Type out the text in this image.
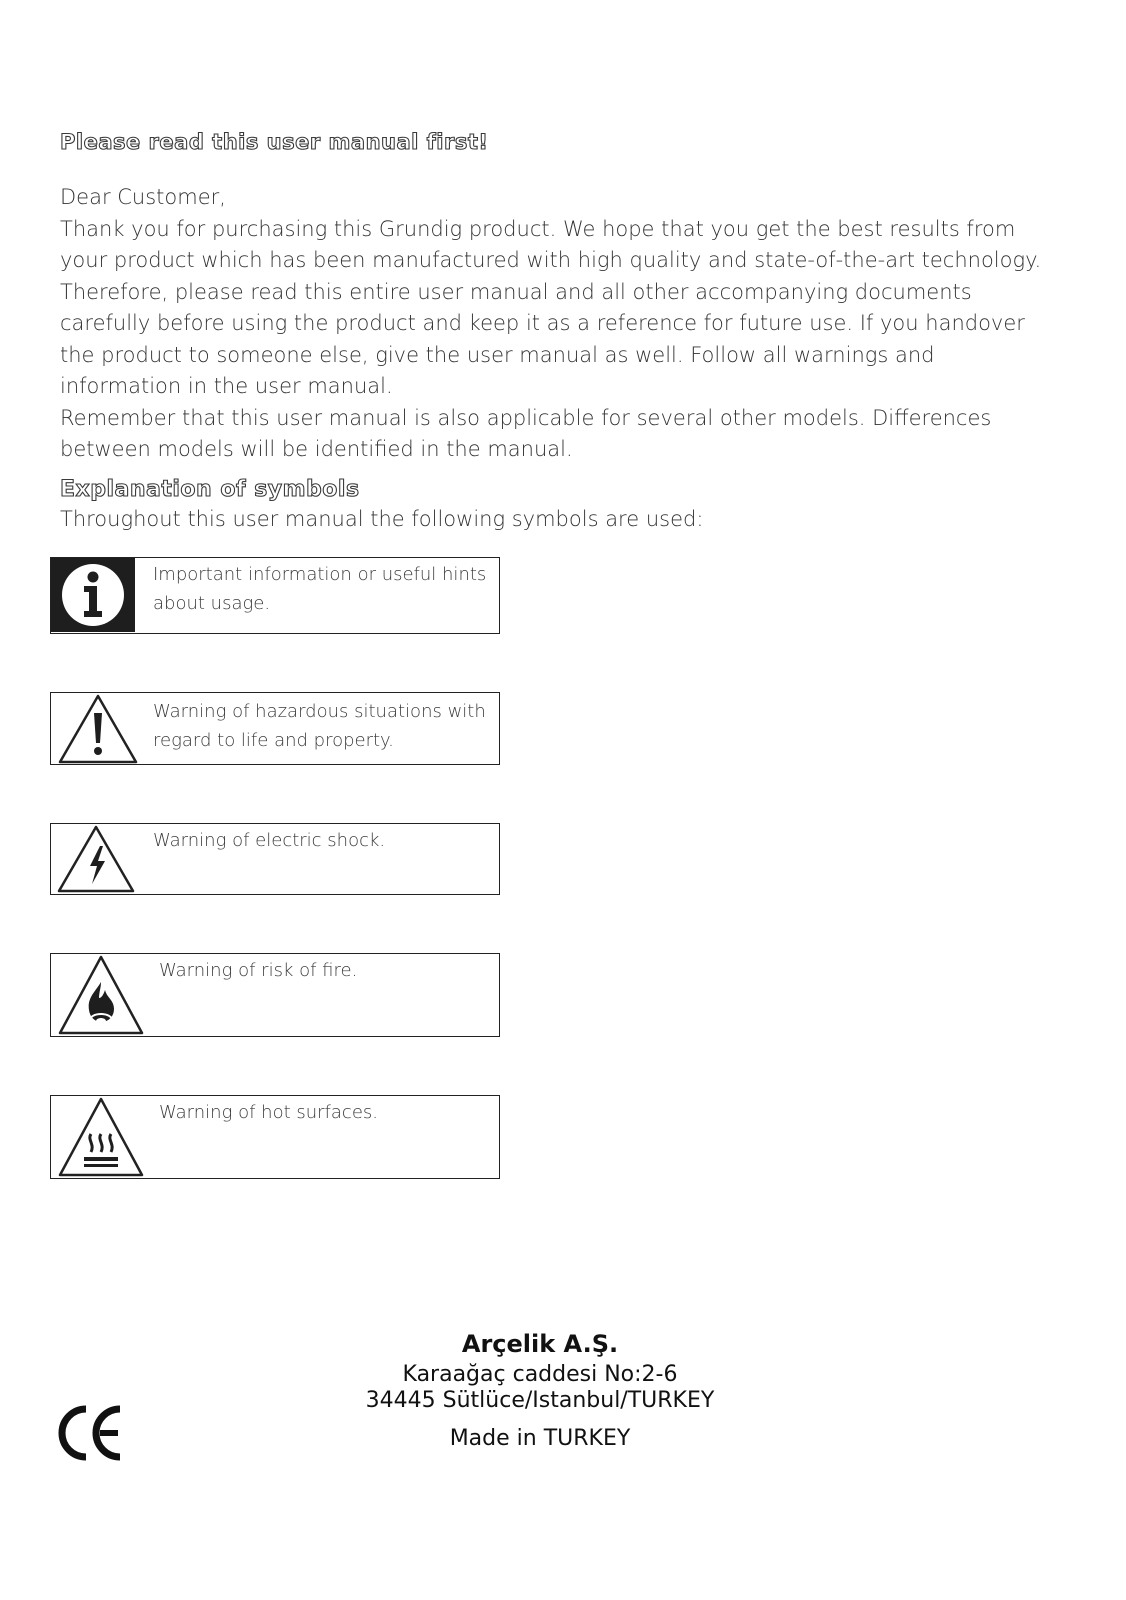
Please read this user manual first!
Dear Customer,
Thank you for purchasing this Grundig product. We hope that you get the best results from your product which has been manufactured with high quality and state-of-the-art technology.
Therefore, please read this entire user manual and all other accompanying documents carefully before using the product and keep it as a reference for future use. If you handover the product to someone else, give the user manual as well. Follow all warnings and information in the user manual.
Remember that this user manual is also applicable for several other models. Differences between models will be identified in the manual.
Explanation of symbols
Throughout this user manual the following symbols are used:
Important information or useful hints about usage.
Warning of hazardous situations with regard to life and property.
Warning of electric shock.
Warning of risk of fire.
Warning of hot surfaces.
Arçelik A.Ş.
Karaağaç caddesi No:2-6
34445 Sütlüce/Istanbul/TURKEY
Made in TURKEY
